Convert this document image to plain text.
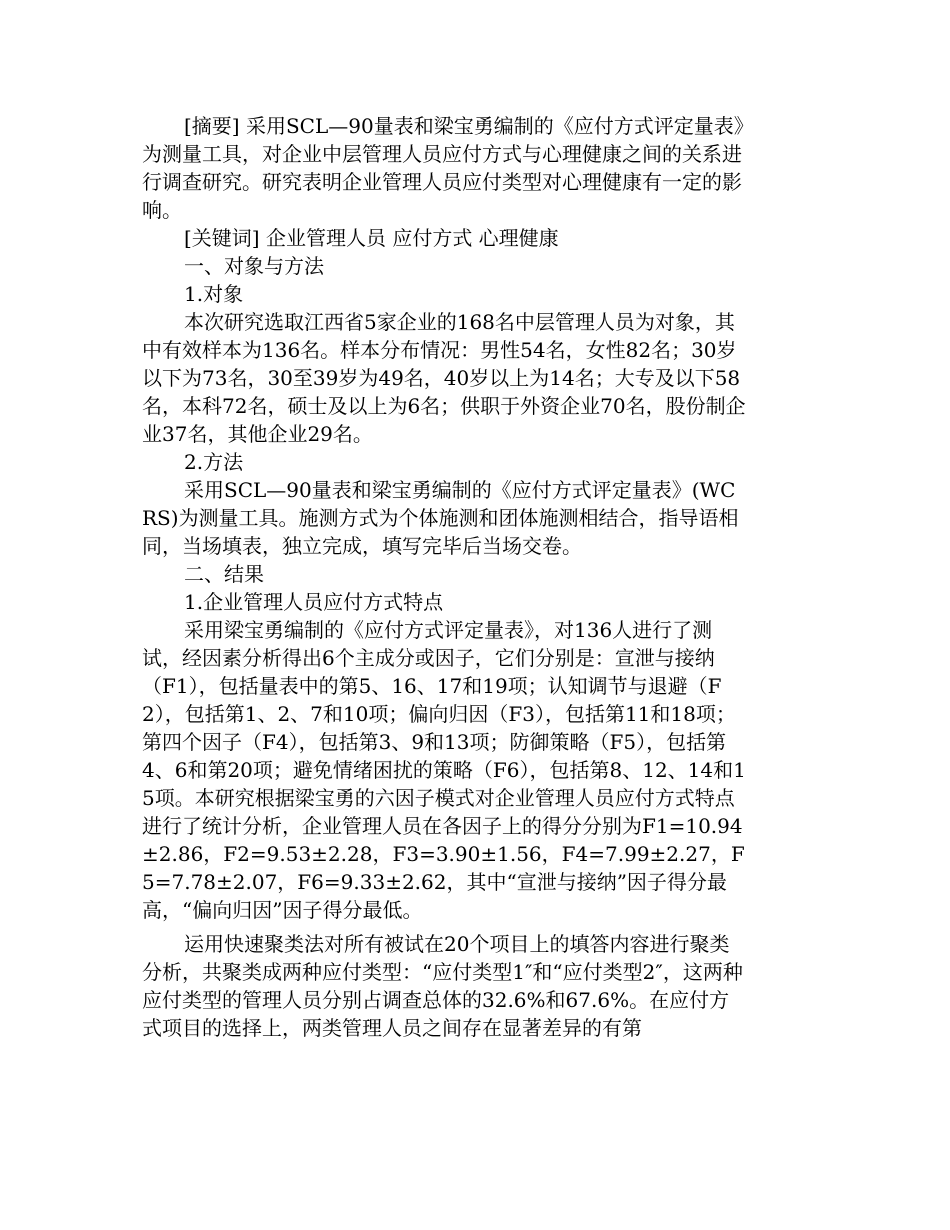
[摘要] 采用SCL—90量表和梁宝勇编制的《应付方式评定量表》为测量工具，对企业中层管理人员应付方式与心理健康之间的关系进行调查研究。研究表明企业管理人员应付类型对心理健康有一定的影响。

[关键词] 企业管理人员 应付方式 心理健康

一、对象与方法

1.对象

本次研究选取江西省5家企业的168名中层管理人员为对象，其中有效样本为136名。样本分布情况：男性54名，女性82名；30岁以下为73名，30至39岁为49名，40岁以上为14名；大专及以下58名，本科72名，硕士及以上为6名；供职于外资企业70名，股份制企业37名，其他企业29名。

2.方法

采用SCL—90量表和梁宝勇编制的《应付方式评定量表》(WCRS)为测量工具。施测方式为个体施测和团体施测相结合，指导语相同，当场填表，独立完成，填写完毕后当场交卷。

二、结果

1.企业管理人员应付方式特点

采用梁宝勇编制的《应付方式评定量表》，对136人进行了测试，经因素分析得出6个主成分或因子，它们分别是：宣泄与接纳（F1），包括量表中的第5、16、17和19项；认知调节与退避（F2），包括第1、2、7和10项；偏向归因（F3），包括第11和18项；第四个因子（F4），包括第3、9和13项；防御策略（F5），包括第4、6和第20项；避免情绪困扰的策略（F6），包括第8、12、14和15项。本研究根据梁宝勇的六因子模式对企业管理人员应付方式特点进行了统计分析，企业管理人员在各因子上的得分分别为F1=10.94±2.86，F2=9.53±2.28，F3=3.90±1.56，F4=7.99±2.27，F5=7.78±2.07，F6=9.33±2.62，其中“宣泄与接纳”因子得分最高，“偏向归因”因子得分最低。

运用快速聚类法对所有被试在20个项目上的填答内容进行聚类分析，共聚类成两种应付类型：“应付类型1″和“应付类型2″，这两种应付类型的管理人员分别占调查总体的32.6%和67.6%。在应付方式项目的选择上，两类管理人员之间存在显著差异的有第
